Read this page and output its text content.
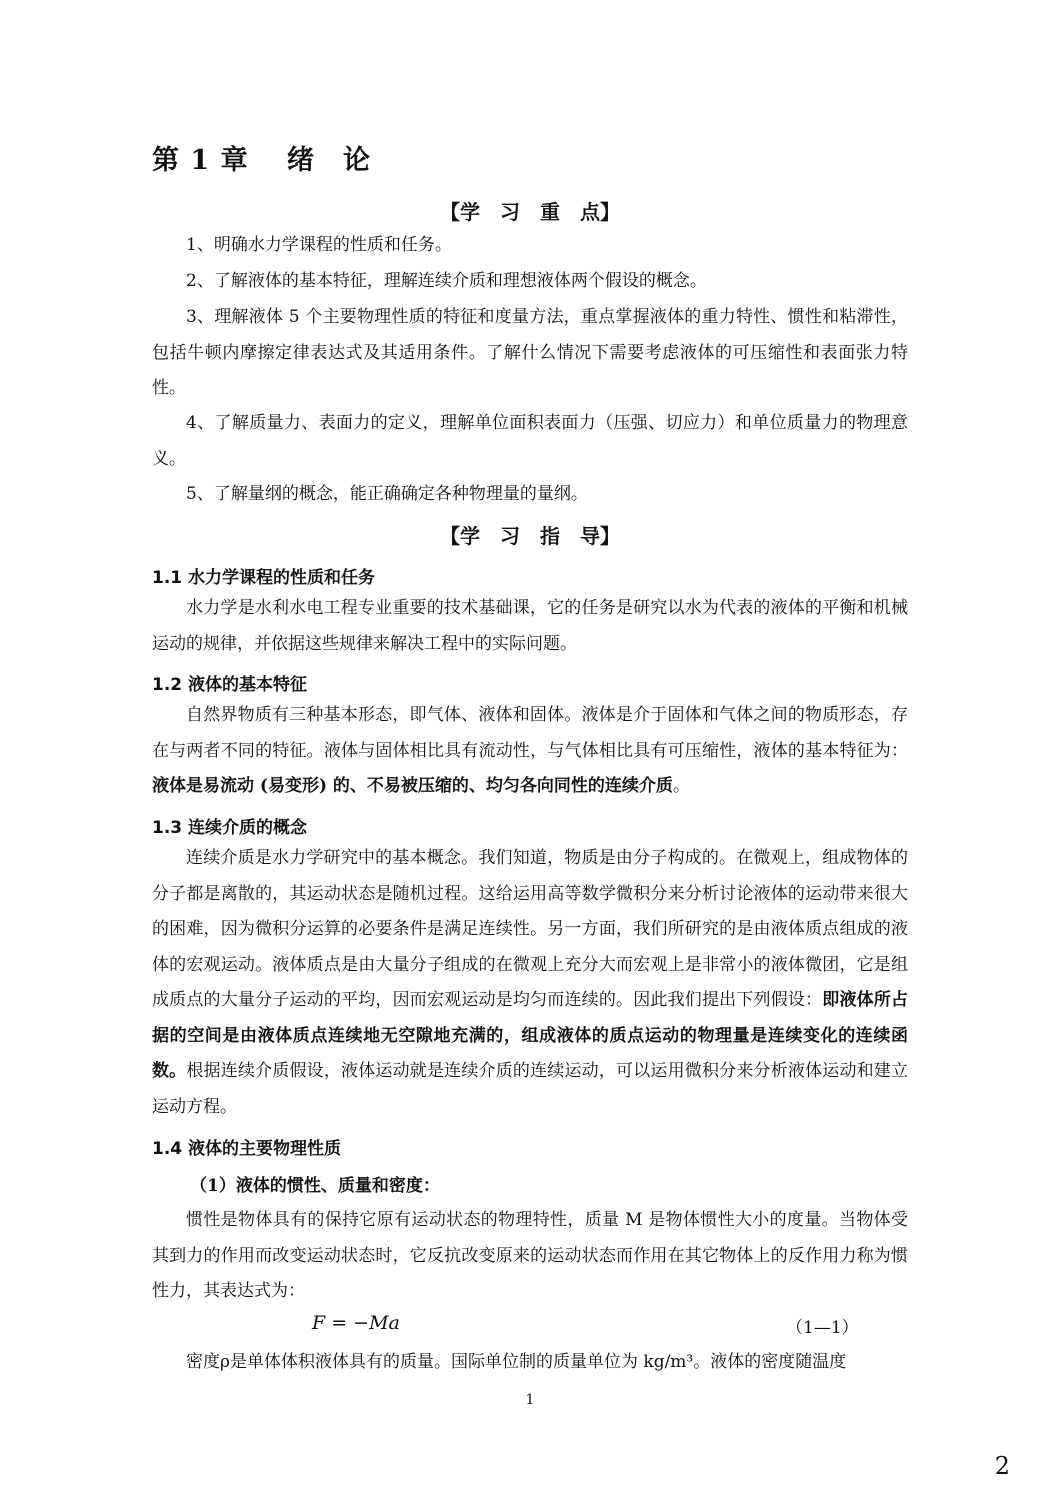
第 1 章　 绪　论
【学　习　重　点】
1、明确水力学课程的性质和任务。
2、了解液体的基本特征，理解连续介质和理想液体两个假设的概念。
3、理解液体 5 个主要物理性质的特征和度量方法，重点掌握液体的重力特性、惯性和粘滞性，包括牛顿内摩擦定律表达式及其适用条件。了解什么情况下需要考虑液体的可压缩性和表面张力特性。
4、了解质量力、表面力的定义，理解单位面积表面力（压强、切应力）和单位质量力的物理意义。
5、了解量纲的概念，能正确确定各种物理量的量纲。
【学　习　指　导】
1.1 水力学课程的性质和任务
水力学是水利水电工程专业重要的技术基础课，它的任务是研究以水为代表的液体的平衡和机械运动的规律，并依据这些规律来解决工程中的实际问题。
1.2 液体的基本特征
自然界物质有三种基本形态，即气体、液体和固体。液体是介于固体和气体之间的物质形态，存在与两者不同的特征。液体与固体相比具有流动性，与气体相比具有可压缩性，液体的基本特征为：液体是易流动 (易变形) 的、不易被压缩的、均匀各向同性的连续介质。
1.3 连续介质的概念
连续介质是水力学研究中的基本概念。我们知道，物质是由分子构成的。在微观上，组成物体的分子都是离散的，其运动状态是随机过程。这给运用高等数学微积分来分析讨论液体的运动带来很大的困难，因为微积分运算的必要条件是满足连续性。另一方面，我们所研究的是由液体质点组成的液体的宏观运动。液体质点是由大量分子组成的在微观上充分大而宏观上是非常小的液体微团，它是组成质点的大量分子运动的平均，因而宏观运动是均匀而连续的。因此我们提出下列假设：即液体所占据的空间是由液体质点连续地无空隙地充满的，组成液体的质点运动的物理量是连续变化的连续函数。根据连续介质假设，液体运动就是连续介质的连续运动，可以运用微积分来分析液体运动和建立运动方程。
1.4 液体的主要物理性质
（1）液体的惯性、质量和密度：
惯性是物体具有的保持它原有运动状态的物理特性，质量 M 是物体惯性大小的度量。当物体受其到力的作用而改变运动状态时，它反抗改变原来的运动状态而作用在其它物体上的反作用力称为惯性力，其表达式为：
F = −Ma	（1—1）
密度ρ是单体体积液体具有的质量。国际单位制的质量单位为 kg/m³。液体的密度随温度
1
2
